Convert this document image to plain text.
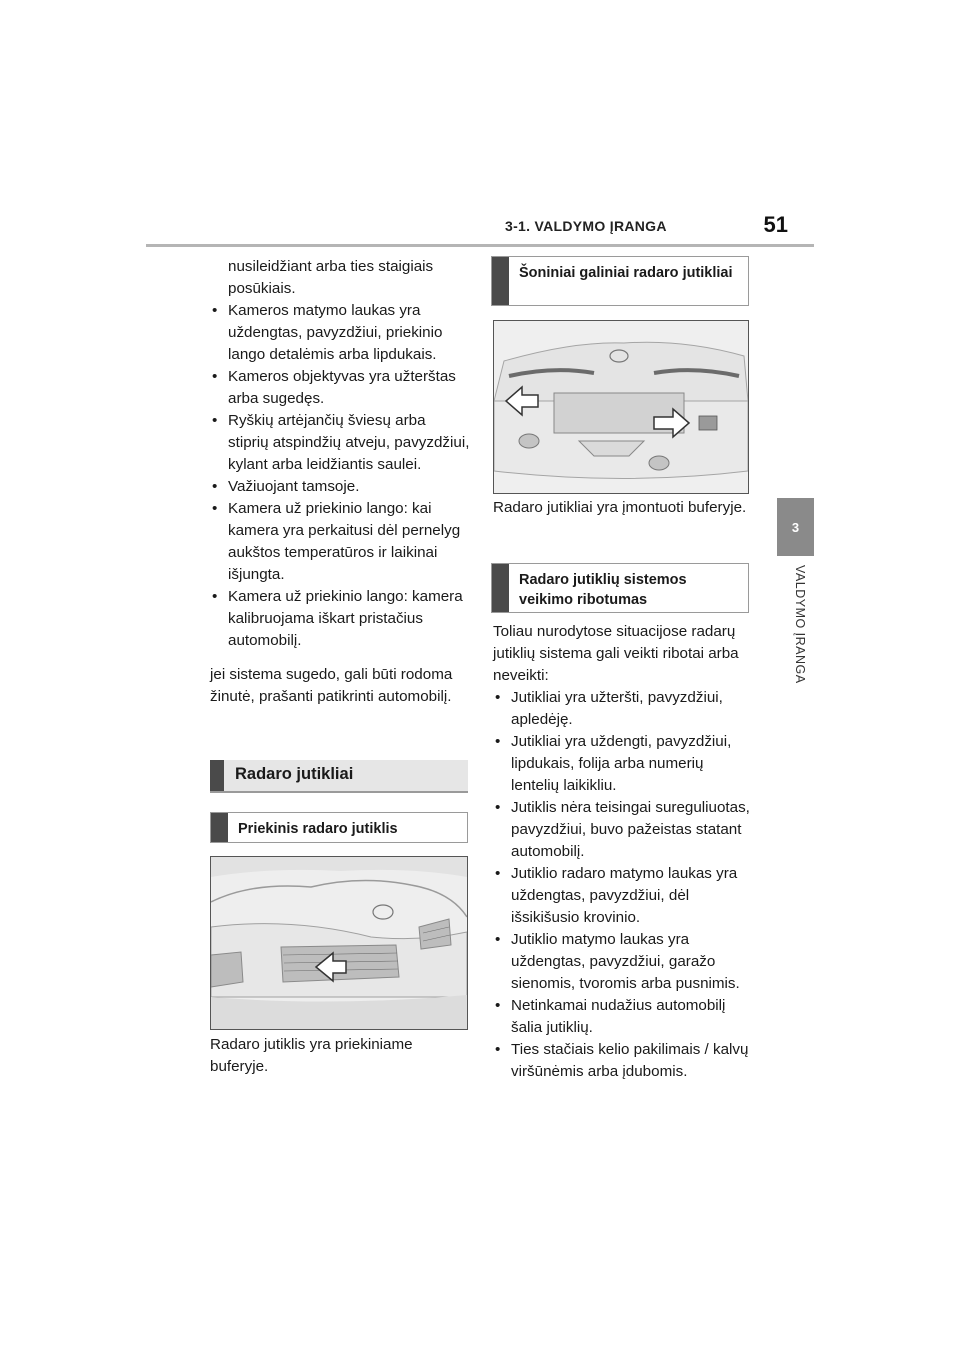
3-1. VALDYMO ĮRANGA	51
3
VALDYMO ĮRANGA

nusileidžiant arba ties staigiais posūkiais.

• Kameros matymo laukas yra uždengtas, pavyzdžiui, priekinio lango detalėmis arba lipdukais.
• Kameros objektyvas yra užterštas arba sugedęs.
• Ryškių artėjančių šviesų arba stiprių atspindžių atveju, pavyzdžiui, kylant arba leidžiantis saulei.
• Važiuojant tamsoje.
• Kamera už priekinio lango: kai kamera yra perkaitusi dėl pernelyg aukštos temperatūros ir laikinai išjungta.
• Kamera už priekinio lango: kamera kalibruojama iškart pristačius automobilį.

jei sistema sugedo, gali būti rodoma žinutė, prašanti patikrinti automobilį.

Radaro jutikliai
Priekinis radaro jutiklis

Radaro jutiklis yra priekiniame buferyje.

Šoniniai galiniai radaro jutikliai

Radaro jutikliai yra įmontuoti buferyje.

Radaro jutiklių sistemos veikimo ribotumas

Toliau nurodytose situacijose radarų jutiklių sistema gali veikti ribotai arba neveikti:

• Jutikliai yra užteršti, pavyzdžiui, apledėję.
• Jutikliai yra uždengti, pavyzdžiui, lipdukais, folija arba numerių lentelių laikikliu.
• Jutiklis nėra teisingai sureguliuotas, pavyzdžiui, buvo pažeistas statant automobilį.
• Jutiklio radaro matymo laukas yra uždengtas, pavyzdžiui, dėl išsikišusio krovinio.
• Jutiklio matymo laukas yra uždengtas, pavyzdžiui, garažo sienomis, tvoromis arba pusnimis.
• Netinkamai nudažius automobilį šalia jutiklių.
• Ties stačiais kelio pakilimais / kalvų viršūnėmis arba įdubomis.
